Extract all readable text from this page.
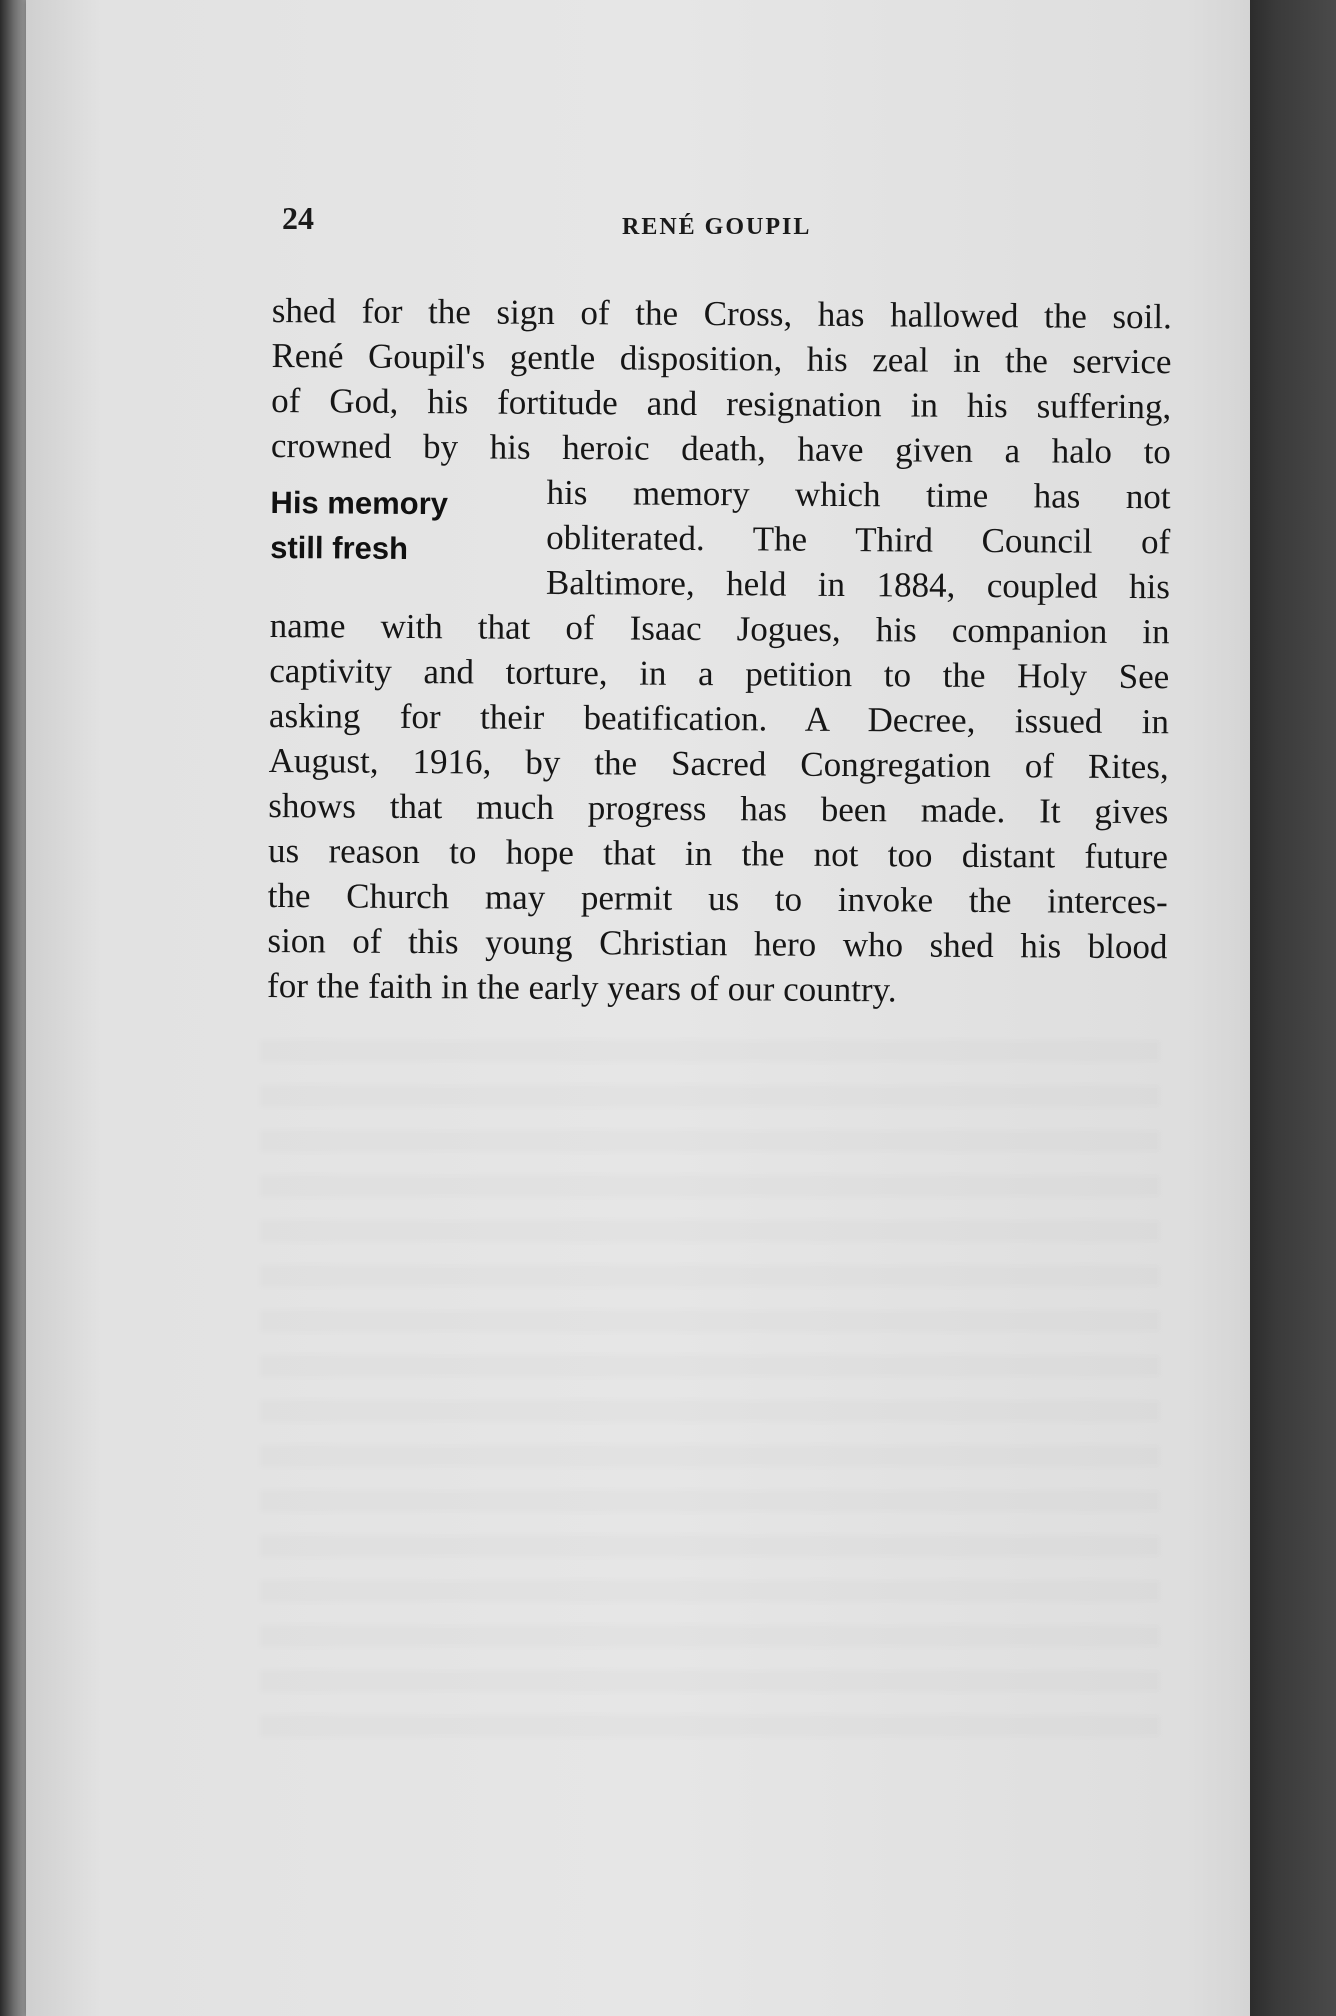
24	RENÉ GOUPIL
shed for the sign of the Cross, has hallowed the soil.
René Goupil's gentle disposition, his zeal in the service
of God, his fortitude and resignation in his suffering,
crowned by his heroic death, have given a halo to
His memory
still fresh
his memory which time has not
obliterated. The Third Council of
Baltimore, held in 1884, coupled his
name with that of Isaac Jogues, his companion in
captivity and torture, in a petition to the Holy See
asking for their beatification. A Decree, issued in
August, 1916, by the Sacred Congregation of Rites,
shows that much progress has been made. It gives
us reason to hope that in the not too distant future
the Church may permit us to invoke the interces-
sion of this young Christian hero who shed his blood
for the faith in the early years of our country.
